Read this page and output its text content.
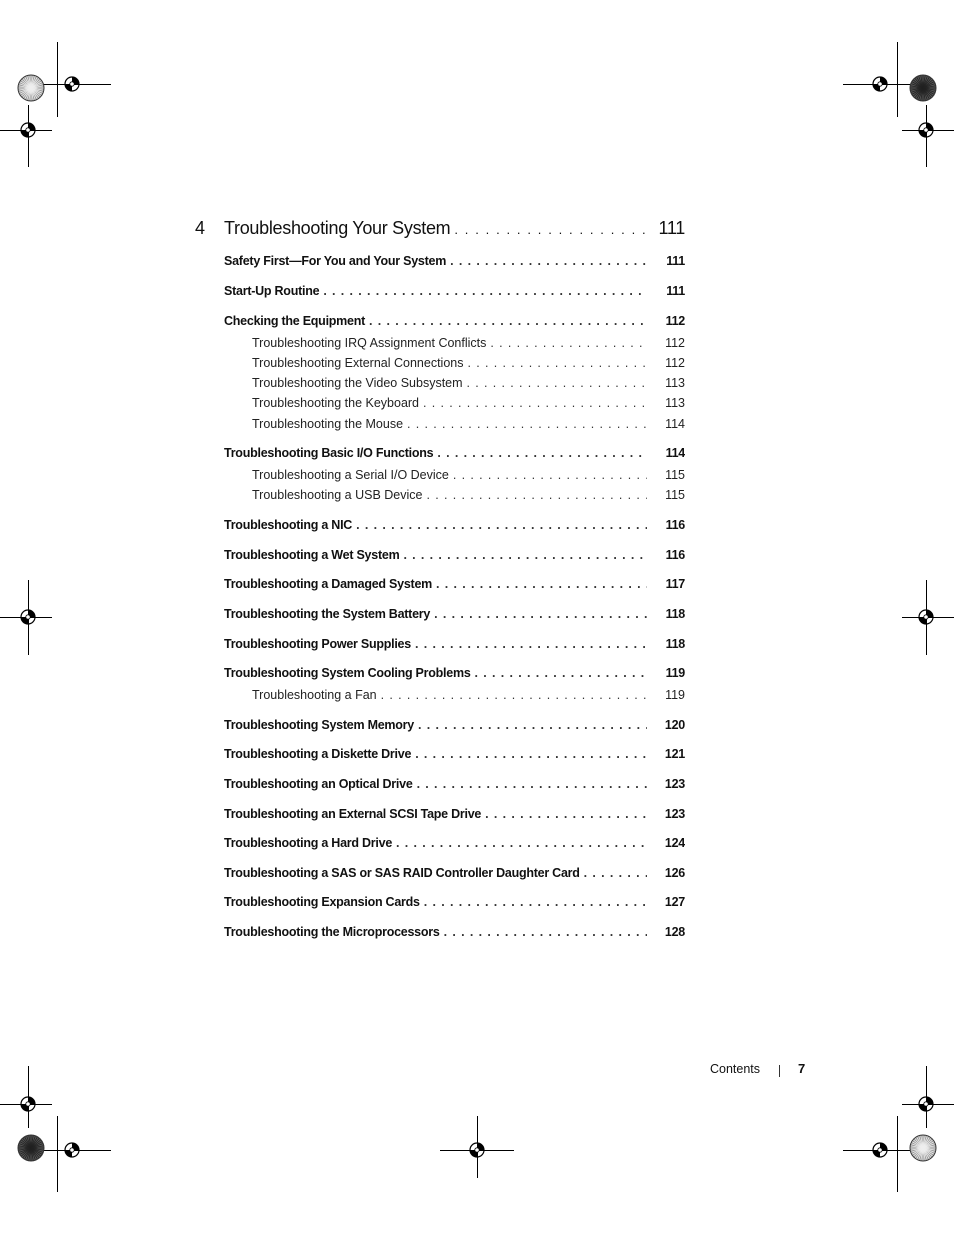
4	Troubleshooting Your System . . .	111
Safety First—For You and Your System . . .	111
Start-Up Routine . . .	111
Checking the Equipment . . .	112
Troubleshooting IRQ Assignment Conflicts . . .	112
Troubleshooting External Connections . . .	112
Troubleshooting the Video Subsystem . . .	113
Troubleshooting the Keyboard . . .	113
Troubleshooting the Mouse . . .	114
Troubleshooting Basic I/O Functions . . .	114
Troubleshooting a Serial I/O Device . . .	115
Troubleshooting a USB Device . . .	115
Troubleshooting a NIC . . .	116
Troubleshooting a Wet System . . .	116
Troubleshooting a Damaged System . . .	117
Troubleshooting the System Battery . . .	118
Troubleshooting Power Supplies . . .	118
Troubleshooting System Cooling Problems . . .	119
Troubleshooting a Fan . . .	119
Troubleshooting System Memory . . .	120
Troubleshooting a Diskette Drive . . .	121
Troubleshooting an Optical Drive . . .	123
Troubleshooting an External SCSI Tape Drive . . .	123
Troubleshooting a Hard Drive . . .	124
Troubleshooting a SAS or SAS RAID Controller Daughter Card . . .	126
Troubleshooting Expansion Cards . . .	127
Troubleshooting the Microprocessors . . .	128
Contents	7
